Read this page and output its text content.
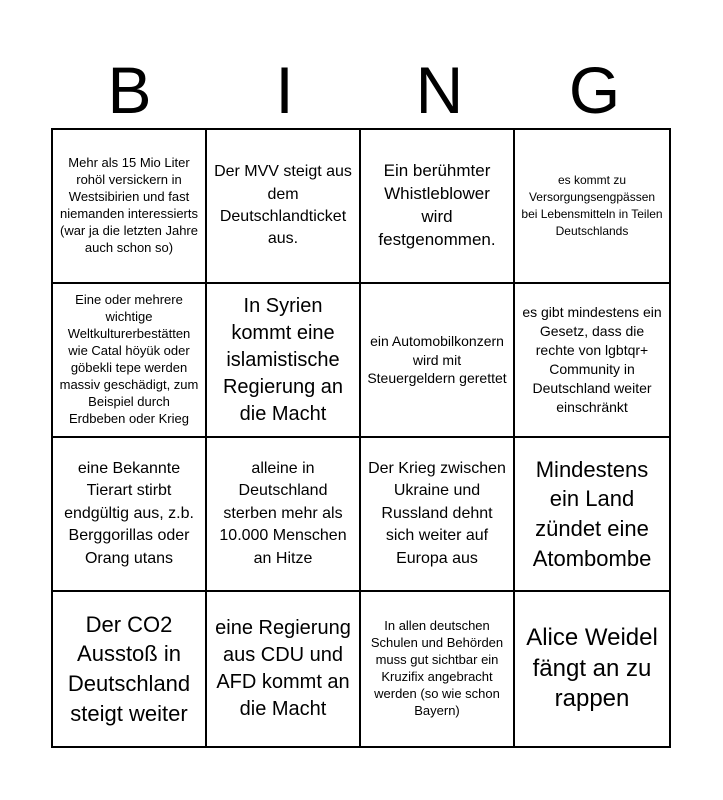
B	I	N	G
Mehr als 15 Mio Liter rohöl versickern in Westsibirien und fast niemanden interessierts (war ja die letzten Jahre auch schon so)
Der MVV steigt aus dem Deutschlandticket aus.
Ein berühmter Whistleblower wird festgenommen.
es kommt zu Versorgungsengpässen bei Lebensmitteln in Teilen Deutschlands
Eine oder mehrere wichtige Weltkulturerbestätten wie Catal höyük oder göbekli tepe werden massiv geschädigt, zum Beispiel durch Erdbeben oder Krieg
In Syrien kommt eine islamistische Regierung an die Macht
ein Automobilkonzern wird mit Steuergeldern gerettet
es gibt mindestens ein Gesetz, dass die rechte von lgbtqr+ Community in Deutschland weiter einschränkt
eine Bekannte Tierart stirbt endgültig aus, z.b. Berggorillas oder Orang utans
alleine in Deutschland sterben mehr als 10.000 Menschen an Hitze
Der Krieg zwischen Ukraine und Russland dehnt sich weiter auf Europa aus
Mindestens ein Land zündet eine Atombombe
Der CO2 Ausstoß in Deutschland steigt weiter
eine Regierung aus CDU und AFD kommt an die Macht
In allen deutschen Schulen und Behörden muss gut sichtbar ein Kruzifix angebracht werden (so wie schon Bayern)
Alice Weidel fängt an zu rappen
